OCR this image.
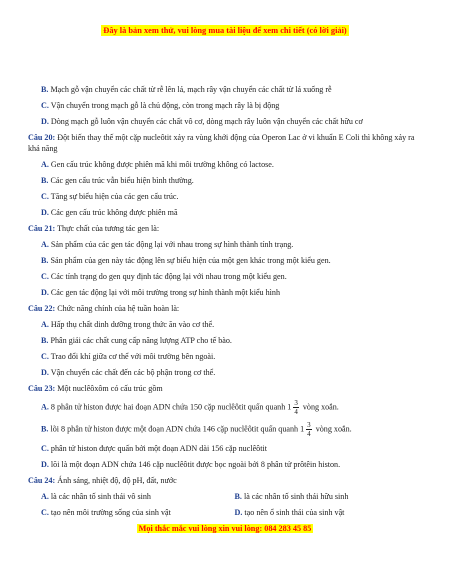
Đây là bản xem thử, vui lòng mua tài liệu để xem chi tiết (có lời giải)
B. Mạch gỗ vận chuyển các chất từ rễ lên lá, mạch rây vận chuyển các chất từ lá xuống rễ
C. Vận chuyển trong mạch gỗ là chủ động, còn trong mạch rây là bị động
D. Dòng mạch gỗ luôn vận chuyển các chất vô cơ, dòng mạch rây luôn vận chuyển các chất hữu cơ
Câu 20: Đột biến thay thế một cặp nucleôtit xảy ra vùng khởi động của Operon Lac ở vi khuẩn E Coli thì không xảy ra khả năng
A. Gen cấu trúc không được phiên mã khi môi trường không có lactose.
B. Các gen cấu trúc vẫn biểu hiện bình thường.
C. Tăng sự biểu hiện của các gen cấu trúc.
D. Các gen cấu trúc không được phiên mã
Câu 21: Thực chất của tương tác gen là:
A. Sản phẩm của các gen tác động lại với nhau trong sự hình thành tính trạng.
B. Sản phẩm của gen này tác động lên sự biểu hiện của một gen khác trong một kiểu gen.
C. Các tính trạng do gen quy định tác động lại với nhau trong một kiểu gen.
D. Các gen tác động lại với môi trường trong sự hình thành một kiểu hình
Câu 22: Chức năng chính của hệ tuần hoàn là:
A. Hấp thụ chất dinh dưỡng trong thức ăn vào cơ thể.
B. Phân giải các chất cung cấp năng lượng ATP cho tế bào.
C. Trao đổi khí giữa cơ thể với môi trường bên ngoài.
D. Vận chuyển các chất đến các bộ phận trong cơ thể.
Câu 23: Một nuclêôxôm có cấu trúc gồm
A. 8 phân tử histon được hai đoạn ADN chứa 150 cặp nuclêôtit quấn quanh $1 \frac{3}{4}$ vòng xoắn.
B. lõi 8 phân tử histon được một đoạn ADN chứa 146 cặp nuclêôtit quấn quanh $1 \frac{3}{4}$ vòng xoắn.
C. phân tử histon được quấn bởi một đoạn ADN dài 156 cặp nuclêôtit
D. lõi là một đoạn ADN chứa 146 cặp nuclêôtit được bọc ngoài bởi 8 phân tử prôtêin histon.
Câu 24: Ánh sáng, nhiệt độ, độ pH, đất, nước
A. là các nhân tố sinh thái vô sinh	B. là các nhân tố sinh thái hữu sinh
C. tạo nên môi trường sống của sinh vật	D. tạo nên ổ sinh thái của sinh vật
Mọi thắc mắc vui lòng xin vui lòng: 084 283 45 85
